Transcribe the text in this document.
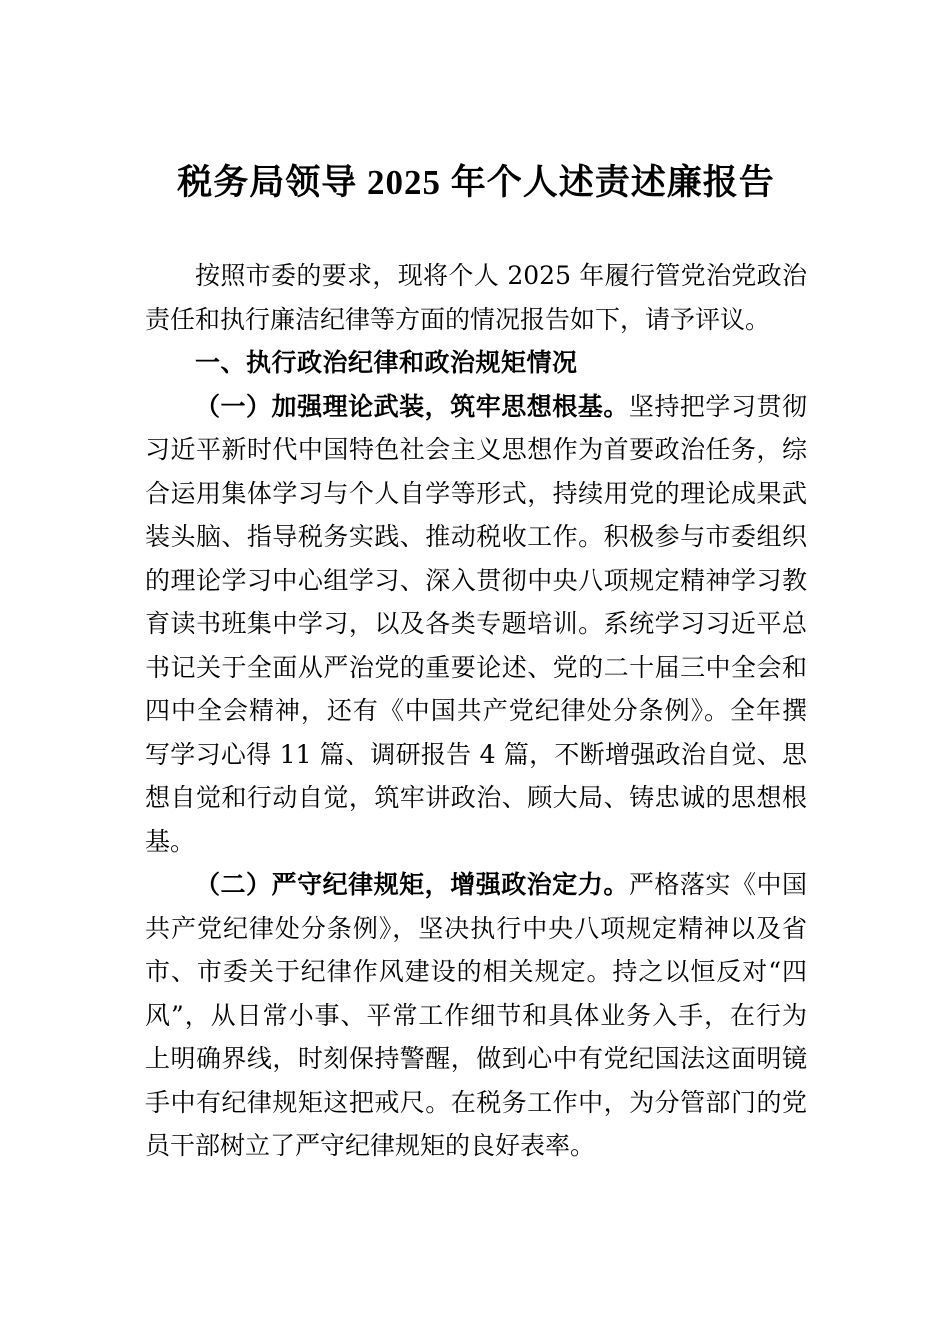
税务局领导 2025 年个人述责述廉报告

按照市委的要求，现将个人 2025 年履行管党治党政治责任和执行廉洁纪律等方面的情况报告如下，请予评议。

一、执行政治纪律和政治规矩情况

（一）加强理论武装，筑牢思想根基。坚持把学习贯彻习近平新时代中国特色社会主义思想作为首要政治任务，综合运用集体学习与个人自学等形式，持续用党的理论成果武装头脑、指导税务实践、推动税收工作。积极参与市委组织的理论学习中心组学习、深入贯彻中央八项规定精神学习教育读书班集中学习，以及各类专题培训。系统学习习近平总书记关于全面从严治党的重要论述、党的二十届三中全会和四中全会精神，还有《中国共产党纪律处分条例》。全年撰写学习心得 11 篇、调研报告 4 篇，不断增强政治自觉、思想自觉和行动自觉，筑牢讲政治、顾大局、铸忠诚的思想根基。

（二）严守纪律规矩，增强政治定力。严格落实《中国共产党纪律处分条例》，坚决执行中央八项规定精神以及省市、市委关于纪律作风建设的相关规定。持之以恒反对“四风”，从日常小事、平常工作细节和具体业务入手，在行为上明确界线，时刻保持警醒，做到心中有党纪国法这面明镜手中有纪律规矩这把戒尺。在税务工作中，为分管部门的党员干部树立了严守纪律规矩的良好表率。
